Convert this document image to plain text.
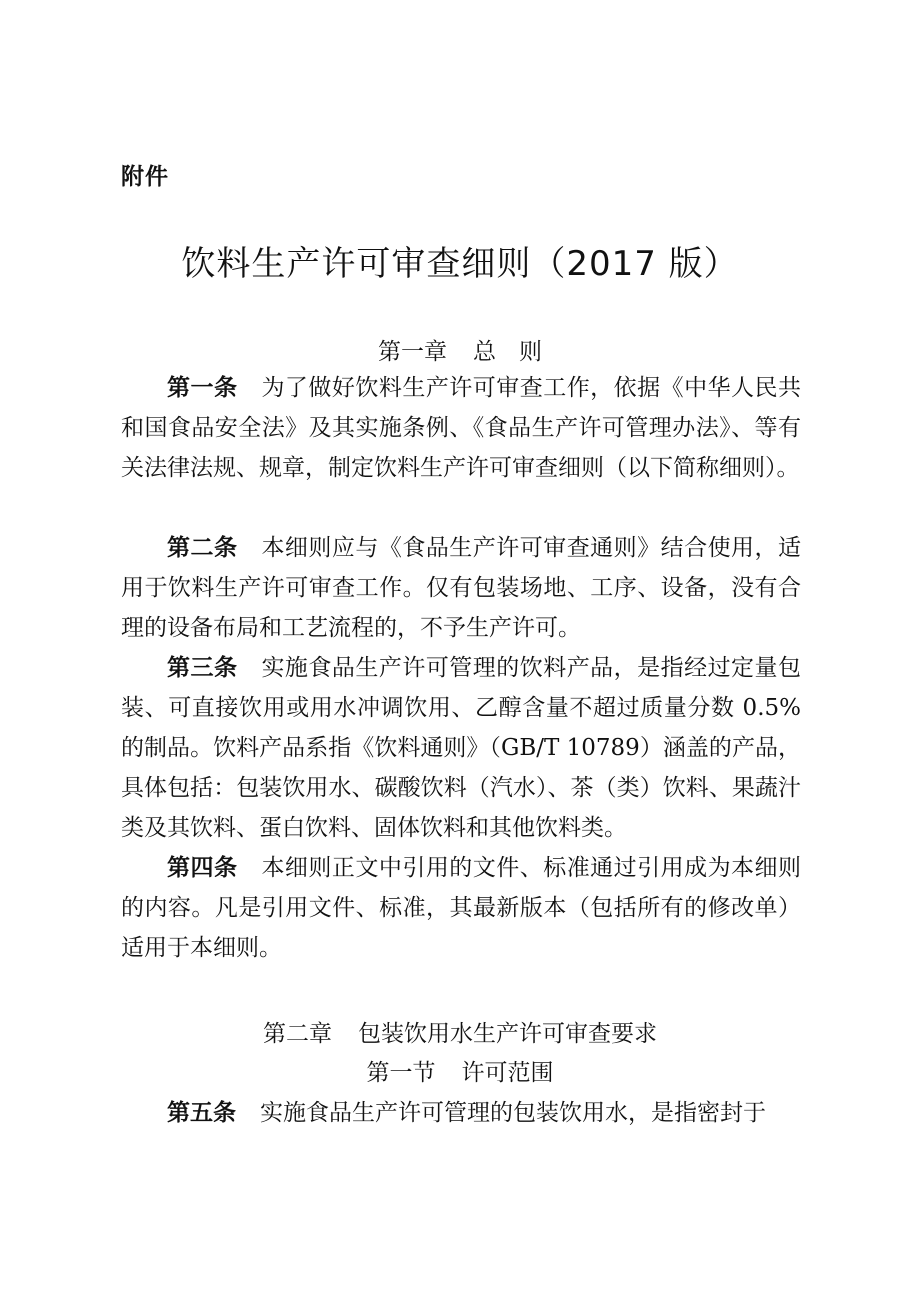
附件
饮料生产许可审查细则（2017 版）
第一章 总　则

第一条 为了做好饮料生产许可审查工作，依据《中华人民共和国食品安全法》及其实施条例、《食品生产许可管理办法》、等有关法律法规、规章，制定饮料生产许可审查细则（以下简称细则）。

第二条 本细则应与《食品生产许可审查通则》结合使用，适用于饮料生产许可审查工作。仅有包装场地、工序、设备，没有合理的设备布局和工艺流程的，不予生产许可。

第三条 实施食品生产许可管理的饮料产品，是指经过定量包装、可直接饮用或用水冲调饮用、乙醇含量不超过质量分数 0.5%的制品。饮料产品系指《饮料通则》（GB/T 10789）涵盖的产品，具体包括：包装饮用水、碳酸饮料（汽水）、茶（类）饮料、果蔬汁类及其饮料、蛋白饮料、固体饮料和其他饮料类。

第四条 本细则正文中引用的文件、标准通过引用成为本细则的内容。凡是引用文件、标准，其最新版本（包括所有的修改单）适用于本细则。

第二章 包装饮用水生产许可审查要求
第一节 许可范围

第五条 实施食品生产许可管理的包装饮用水，是指密封于
